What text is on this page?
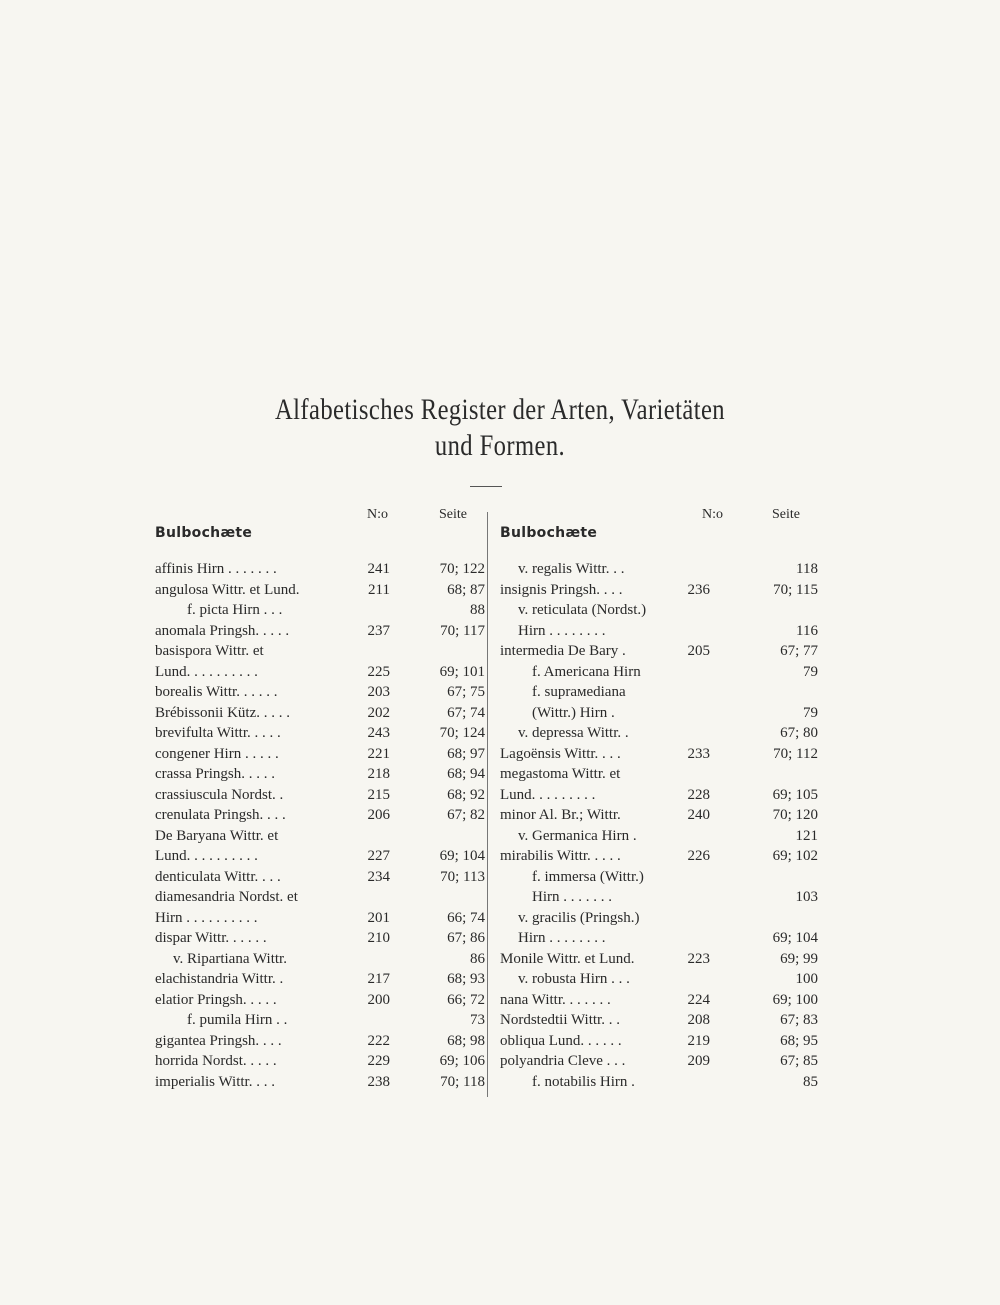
Alfabetisches Register der Arten, Varietäten
und Formen.
Bulbochæte
N:o	Seite
affinis Hirn . . . . . . .	241	70; 122
angulosa Wittr. et Lund.	211	68; 87
f. picta Hirn . . .	88
anomala Pringsh. . . . .	237	70; 117
basispora Wittr. et
Lund. . . . . . . . . .	225	69; 101
borealis Wittr. . . . . .	203	67; 75
Brébissonii Kütz. . . . .	202	67; 74
brevifulta Wittr. . . . .	243	70; 124
congener Hirn . . . . .	221	68; 97
crassa Pringsh. . . . .	218	68; 94
crassiuscula Nordst. .	215	68; 92
crenulata Pringsh. . . .	206	67; 82
De Baryana Wittr. et
Lund. . . . . . . . . .	227	69; 104
denticulata Wittr. . . .	234	70; 113
diamesandria Nordst. et
Hirn . . . . . . . . . .	201	66; 74
dispar Wittr. . . . . .	210	67; 86
v. Ripartiana Wittr.	86
elachistandria Wittr. .	217	68; 93
elatior Pringsh. . . . .	200	66; 72
f. pumila Hirn . .	73
gigantea Pringsh. . . .	222	68; 98
horrida Nordst. . . . .	229	69; 106
imperialis Wittr. . . .	238	70; 118
Bulbochæte
N:o	Seite
v. regalis Wittr. . .	118
insignis Pringsh. . . .	236	70; 115
v. reticulata (Nordst.)
Hirn . . . . . . . .	116
intermedia De Bary .	205	67; 77
f. Americana Hirn	79
f. suprамediana
(Wittr.) Hirn .	79
v. depressa Wittr. .	67; 80
Lagoënsis Wittr. . . .	233	70; 112
megastoma Wittr. et
Lund. . . . . . . . .	228	69; 105
minor Al. Br.; Wittr.	240	70; 120
v. Germanica Hirn .	121
mirabilis Wittr. . . . .	226	69; 102
f. immersa (Wittr.)
Hirn . . . . . . .	103
v. gracilis (Pringsh.)
Hirn . . . . . . . .	69; 104
Monile Wittr. et Lund.	223	69; 99
v. robusta Hirn . . .	100
nana Wittr. . . . . . .	224	69; 100
Nordstedtii Wittr. . .	208	67; 83
obliqua Lund. . . . . .	219	68; 95
polyandria Cleve . . .	209	67; 85
f. notabilis Hirn .	85
